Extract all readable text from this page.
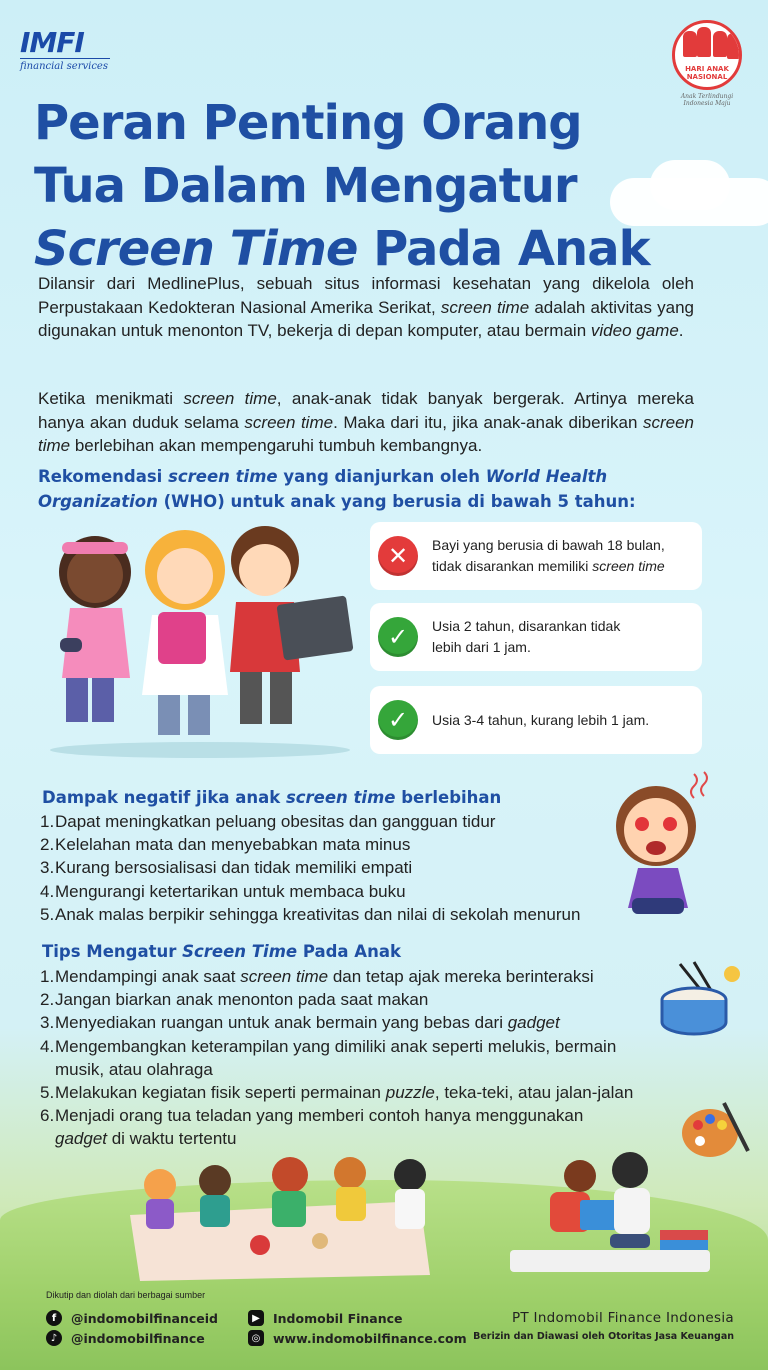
IMFI
financial services	HARI ANAK NASIONAL
Anak Terlindungi Indonesia Maju
Peran Penting Orang
Tua Dalam Mengatur
Screen Time Pada Anak
Dilansir dari MedlinePlus, sebuah situs informasi kesehatan yang dikelola oleh Perpustakaan Kedokteran Nasional Amerika Serikat, screen time adalah aktivitas yang digunakan untuk menonton TV, bekerja di depan komputer, atau bermain video game.
Ketika menikmati screen time, anak-anak tidak banyak bergerak. Artinya mereka hanya akan duduk selama screen time. Maka dari itu, jika anak-anak diberikan screen time berlebihan akan mempengaruhi tumbuh kembangnya.
Rekomendasi screen time yang dianjurkan oleh World Health Organization (WHO) untuk anak yang berusia di bawah 5 tahun:
✕	Bayi yang berusia di bawah 18 bulan,
tidak disarankan memiliki screen time
✓	Usia 2 tahun, disarankan tidak
lebih dari 1 jam.
✓	Usia 3-4 tahun, kurang lebih 1 jam.
Dampak negatif jika anak screen time berlebihan
1. Dapat meningkatkan peluang obesitas dan gangguan tidur
2. Kelelahan mata dan menyebabkan mata minus
3. Kurang bersosialisasi dan tidak memiliki empati
4. Mengurangi ketertarikan untuk membaca buku
5. Anak malas berpikir sehingga kreativitas dan nilai di sekolah menurun
Tips Mengatur Screen Time Pada Anak
1. Mendampingi anak saat screen time dan tetap ajak mereka berinteraksi
2. Jangan biarkan anak menonton pada saat makan
3. Menyediakan ruangan untuk anak bermain yang bebas dari gadget
4. Mengembangkan keterampilan yang dimiliki anak seperti melukis, bermain
musik, atau olahraga
5. Melakukan kegiatan fisik seperti permainan puzzle, teka-teki, atau jalan-jalan
6. Menjadi orang tua teladan yang memberi contoh hanya menggunakan
gadget di waktu tertentu
Dikutip dan diolah dari berbagai sumber
f	@indomobilfinanceid
♪	@indomobilfinance
▶	Indomobil Finance
◎ www.indomobilfinance.com
PT Indomobil Finance Indonesia
Berizin dan Diawasi oleh Otoritas Jasa Keuangan
